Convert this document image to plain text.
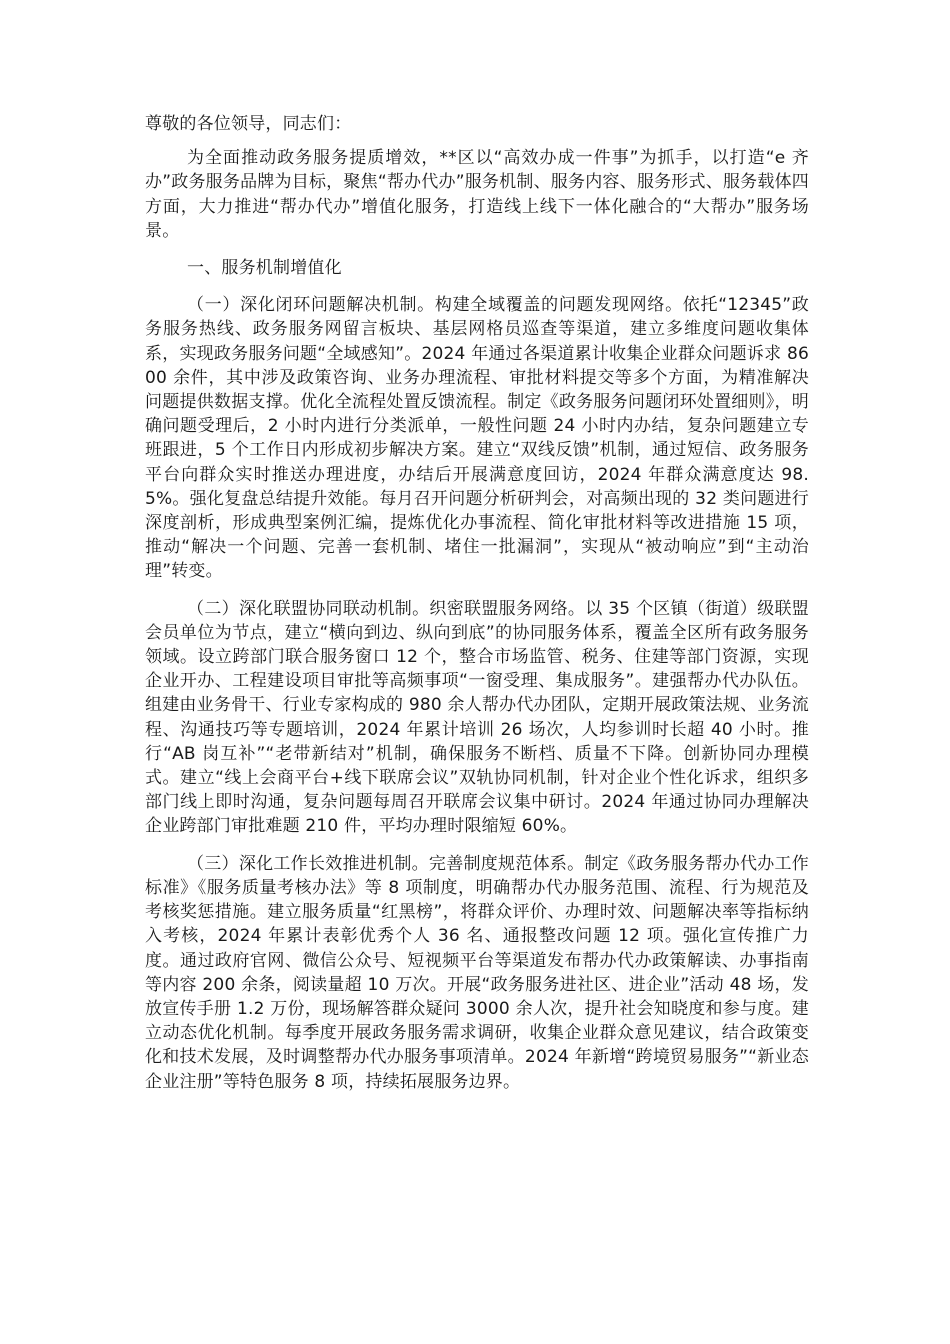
尊敬的各位领导，同志们：

为全面推动政务服务提质增效，**区以“高效办成一件事”为抓手，以打造“e 齐办”政务服务品牌为目标，聚焦“帮办代办”服务机制、服务内容、服务形式、服务载体四方面，大力推进“帮办代办”增值化服务，打造线上线下一体化融合的“大帮办”服务场景。

一、服务机制增值化

（一）深化闭环问题解决机制。构建全域覆盖的问题发现网络。依托“12345”政务服务热线、政务服务网留言板块、基层网格员巡查等渠道，建立多维度问题收集体系，实现政务服务问题“全域感知”。2024 年通过各渠道累计收集企业群众问题诉求 8600 余件，其中涉及政策咨询、业务办理流程、审批材料提交等多个方面，为精准解决问题提供数据支撑。优化全流程处置反馈流程。制定《政务服务问题闭环处置细则》，明确问题受理后，2 小时内进行分类派单，一般性问题 24 小时内办结，复杂问题建立专班跟进，5 个工作日内形成初步解决方案。建立“双线反馈”机制，通过短信、政务服务平台向群众实时推送办理进度，办结后开展满意度回访，2024 年群众满意度达 98.5%。强化复盘总结提升效能。每月召开问题分析研判会，对高频出现的 32 类问题进行深度剖析，形成典型案例汇编，提炼优化办事流程、简化审批材料等改进措施 15 项，推动“解决一个问题、完善一套机制、堵住一批漏洞”，实现从“被动响应”到“主动治理”转变。

（二）深化联盟协同联动机制。织密联盟服务网络。以 35 个区镇（街道）级联盟会员单位为节点，建立“横向到边、纵向到底”的协同服务体系，覆盖全区所有政务服务领域。设立跨部门联合服务窗口 12 个，整合市场监管、税务、住建等部门资源，实现企业开办、工程建设项目审批等高频事项“一窗受理、集成服务”。建强帮办代办队伍。组建由业务骨干、行业专家构成的 980 余人帮办代办团队，定期开展政策法规、业务流程、沟通技巧等专题培训，2024 年累计培训 26 场次，人均参训时长超 40 小时。推行“AB 岗互补”“老带新结对”机制，确保服务不断档、质量不下降。创新协同办理模式。建立“线上会商平台+线下联席会议”双轨协同机制，针对企业个性化诉求，组织多部门线上即时沟通，复杂问题每周召开联席会议集中研讨。2024 年通过协同办理解决企业跨部门审批难题 210 件，平均办理时限缩短 60%。

（三）深化工作长效推进机制。完善制度规范体系。制定《政务服务帮办代办工作标准》《服务质量考核办法》等 8 项制度，明确帮办代办服务范围、流程、行为规范及考核奖惩措施。建立服务质量“红黑榜”，将群众评价、办理时效、问题解决率等指标纳入考核，2024 年累计表彰优秀个人 36 名、通报整改问题 12 项。强化宣传推广力度。通过政府官网、微信公众号、短视频平台等渠道发布帮办代办政策解读、办事指南等内容 200 余条，阅读量超 10 万次。开展“政务服务进社区、进企业”活动 48 场，发放宣传手册 1.2 万份，现场解答群众疑问 3000 余人次，提升社会知晓度和参与度。建立动态优化机制。每季度开展政务服务需求调研，收集企业群众意见建议，结合政策变化和技术发展，及时调整帮办代办服务事项清单。2024 年新增“跨境贸易服务”“新业态企业注册”等特色服务 8 项，持续拓展服务边界。
